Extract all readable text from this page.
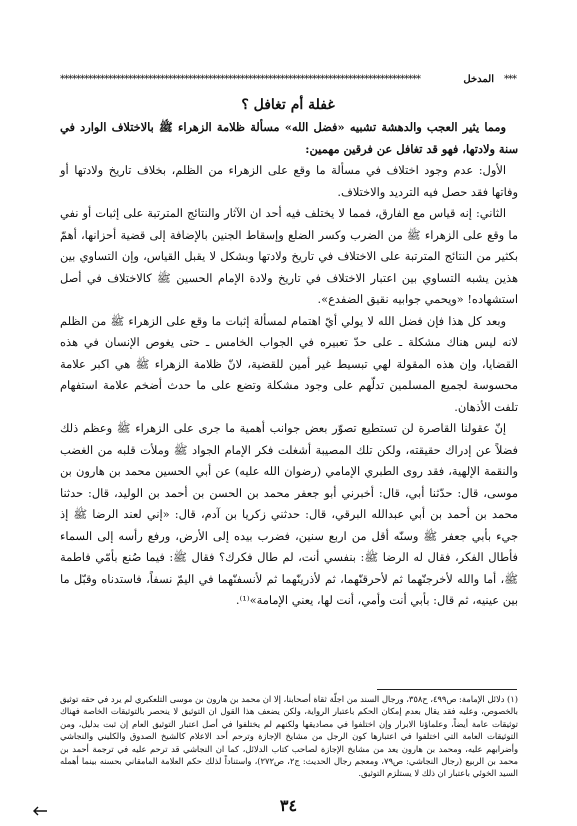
***
المدخل
******************************************************************************************
غفلة أم تغافل ؟

ومما يثير العجب والدهشة تشبيه «فضل الله» مسألة ظلامة الزهراء ﷺ بالاختلاف الوارد في سنة ولادتها، فهو قد تغافل عن فرقين مهمين:

الأول: عدم وجود اختلاف في مسألة ما وقع على الزهراء من الظلم، بخلاف تاريخ ولادتها أو وفاتها فقد حصل فيه الترديد والاختلاف.

الثاني: إنه قياس مع الفارق، فمما لا يختلف فيه أحد ان الآثار والنتائج المترتبة على إثبات أو نفي ما وقع على الزهراء ﷺ من الضرب وكسر الضلع وإسقاط الجنين بالإضافة إلى قضية أحزانها، أهمّ بكثير من النتائج المترتبة على الاختلاف في تاريخ ولادتها وبشكل لا يقبل القياس، وإن التساوي بين هذين يشبه التساوي بين اعتبار الاختلاف في تاريخ ولادة الإمام الحسين ﷺ كالاختلاف في أصل استشهاده! «ويحمي جوابيه نقيق الضفدع».

وبعد كل هذا فإن فضل الله لا يولي أيّ اهتمام لمسألة إثبات ما وقع على الزهراء ﷺ من الظلم لانه ليس هناك مشكلة ـ على حدّ تعبيره في الجواب الخامس ـ حتى يغوص الإنسان في هذه القضايا، وإن هذه المقولة لهي تبسيط غير أمين للقضية، لانّ ظلامة الزهراء ﷺ هي اكبر علامة محسوسة لجميع المسلمين تدلّهم على وجود مشكلة وتضع على ما حدث أضخم علامة استفهام تلفت الأذهان.

إنّ عقولنا القاصرة لن تستطيع تصوّر بعض جوانب أهمية ما جرى على الزهراء ﷺ وعظم ذلك فضلاً عن إدراك حقيقته، ولكن تلك المصيبة أشغلت فكر الإمام الجواد ﷺ وملأت قلبه من الغضب والنقمة الإلهية، فقد روى الطبري الإمامي (رضوان الله عليه) عن أبي الحسين محمد بن هارون بن موسى، قال: حدّثنا أبي، قال: أخبرني أبو جعفر محمد بن الحسن بن أحمد بن الوليد، قال: حدثنا محمد بن أحمد بن أبي عبدالله البرقي، قال: حدثني زكريا بن آدم، قال: «إني لعند الرضا ﷺ إذ جيء بأبي جعفر ﷺ وسنّه أقل من اربع سنين، فضرب بيده إلى الأرض، ورفع رأسه إلى السماء فأطال الفكر، فقال له الرضا ﷺ: بنفسي أنت، لم طال فكرك؟ فقال ﷺ: فيما صُنع بأمّي فاطمة ﷺ، أما والله لأخرجنّهما ثم لأحرقنّهما، ثم لأذرينّهما ثم لأنسفنّهما في اليمّ نسفاً، فاستدناه وقبّل ما بين عينيه، ثم قال: بأبي أنت وأمي، أنت لها، يعني الإمامة»⁽¹⁾.

(١) دلائل الإمامة: ص٤٩٩، ح٣٥٨، ورجال السند من اجلّة ثقاة أصحابنا، إلا ان محمد بن هارون بن موسى التلعكبري لم يرد في حقه توثيق بالخصوص، وعليه فقد يقال بعدم إمكان الحكم باعتبار الرواية، ولكن يضعف هذا القول ان التوثيق لا ينحصر بالتوثيقات الخاصة فهناك توثيقات عامة أيضاً، وعلماؤنا الابرار وإن اختلفوا في مصاديقها ولكنهم لم يختلفوا في أصل اعتبار التوثيق العام إن ثبت بدليل، ومن التوثيقات العامة التي اختلفوا في اعتبارها كون الرجل من مشايخ الإجازة وترحم أحد الاعلام كالشيخ الصدوق والكليني والنجاشي وأضرابهم عليه، ومحمد بن هارون يعد من مشايخ الإجازة لصاحب كتاب الدلائل، كما ان النجاشي قد ترحم عليه في ترجمة أحمد بن محمد بن الربيع (رجال النجاشي: ص٧٩، ومعجم رجال الحديث: ج٢، ص٢٧٢)، واستناداً لذلك حكم العلامة المامقاني بحسنه بينما أهمله السيد الخوئي باعتبار ان ذلك لا يستلزم التوثيق.

٣٤
